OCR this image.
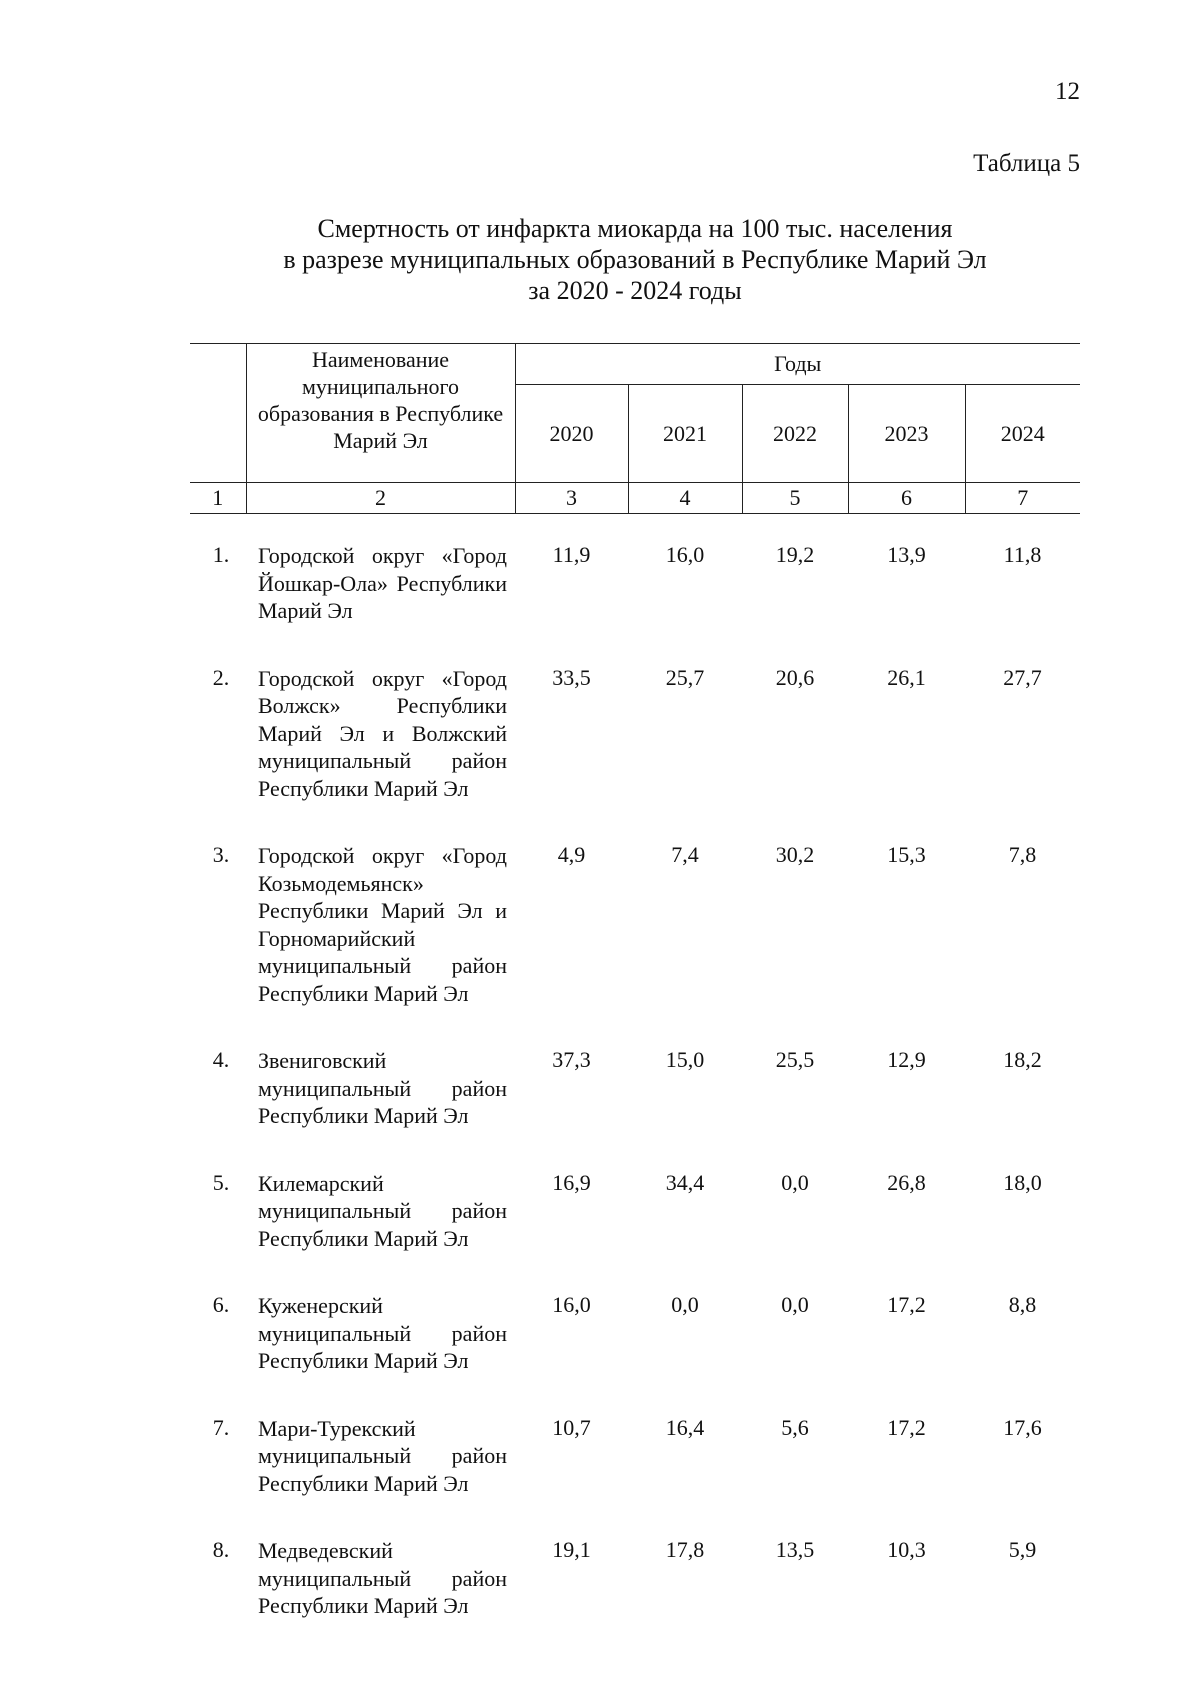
12
Таблица 5
Смертность от инфаркта миокарда на 100 тыс. населения
в разрезе муниципальных образований в Республике Марий Эл
за 2020 - 2024 годы
	Наименование муниципального образования в Республике Марий Эл	Годы				
		2020	2021	2022	2023	2024
1	2	3	4	5	6	7
1.	Городской округ «Город Йошкар-Ола» Республики Марий Эл	11,9	16,0	19,2	13,9	11,8
2.	Городской округ «Город Волжск» Республики Марий Эл и Волжский муниципальный район Республики Марий Эл	33,5	25,7	20,6	26,1	27,7
3.	Городской округ «Город Козьмодемьянск» Республики Марий Эл и Горномарийский муниципальный район Республики Марий Эл	4,9	7,4	30,2	15,3	7,8
4.	Звениговский муниципальный район Республики Марий Эл	37,3	15,0	25,5	12,9	18,2
5.	Килемарский муниципальный район Республики Марий Эл	16,9	34,4	0,0	26,8	18,0
6.	Куженерский муниципальный район Республики Марий Эл	16,0	0,0	0,0	17,2	8,8
7.	Мари-Турекский муниципальный район Республики Марий Эл	10,7	16,4	5,6	17,2	17,6
8.	Медведевский муниципальный район Республики Марий Эл	19,1	17,8	13,5	10,3	5,9
